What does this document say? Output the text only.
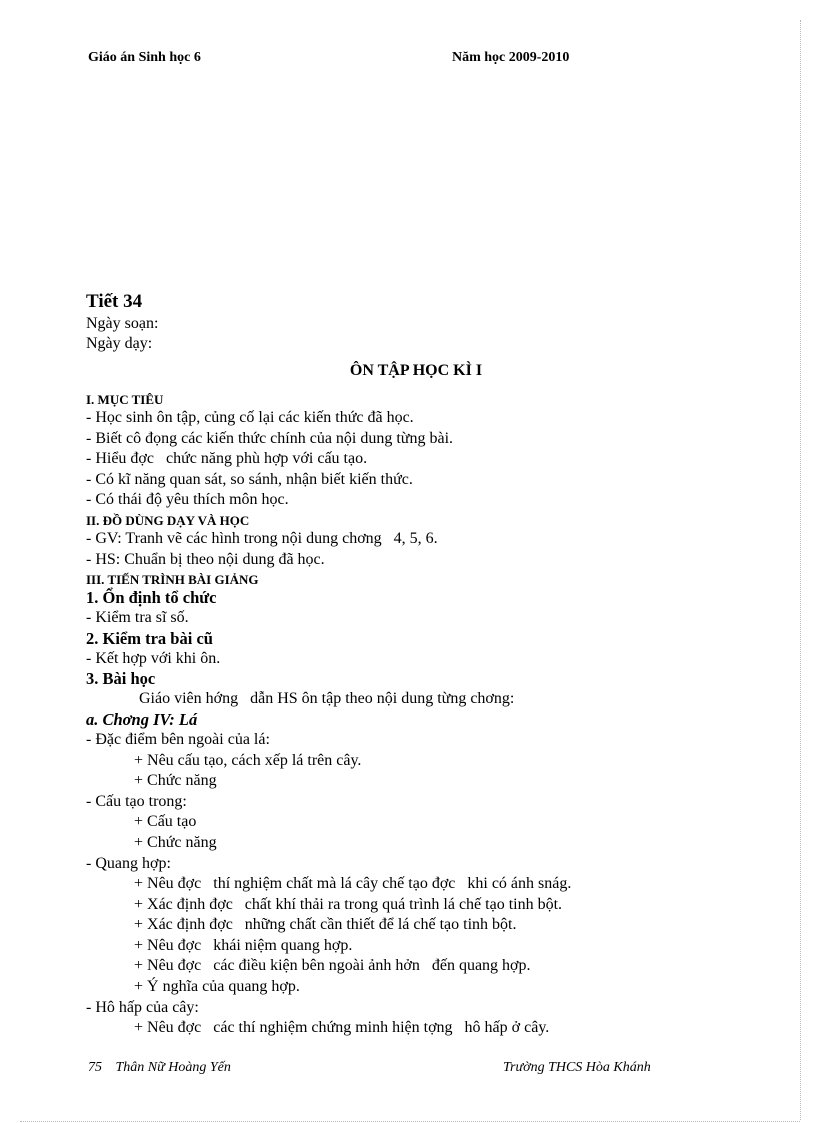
Giáo án Sinh học 6	Năm học 2009-2010
Tiết 34
Ngày soạn:
Ngày dạy:
ÔN TẬP HỌC KÌ I
I. MỤC TIÊU
- Học sinh ôn tập, củng cố lại các kiến thức đã học.
- Biết cô đọng các kiến thức chính của nội dung từng bài.
- Hiểu đợc   chức năng phù hợp với cấu tạo.
- Có kĩ năng quan sát, so sánh, nhận biết kiến thức.
- Có thái độ yêu thích môn học.
II. ĐỒ DÙNG DẠY VÀ HỌC
- GV: Tranh vẽ các hình trong nội dung chơng   4, 5, 6.
- HS: Chuẩn bị theo nội dung đã học.
III. TIẾN TRÌNH BÀI GIẢNG
1. Ổn định tổ chức
- Kiểm tra sĩ số.
2. Kiểm tra bài cũ
- Kết hợp với khi ôn.
3. Bài học
Giáo viên hớng   dẫn HS ôn tập theo nội dung từng chơng:
a. Chơng IV: Lá
- Đặc điểm bên ngoài của lá:
+ Nêu cấu tạo, cách xếp lá trên cây.
+ Chức năng
- Cấu tạo trong:
+ Cấu tạo
+ Chức năng
- Quang hợp:
+ Nêu đợc   thí nghiệm chất mà lá cây chế tạo đợc   khi có ánh snág.
+ Xác định đợc   chất khí thải ra trong quá trình lá chế tạo tinh bột.
+ Xác định đợc   những chất cần thiết để lá chế tạo tinh bột.
+ Nêu đợc   khái niệm quang hợp.
+ Nêu đợc   các điều kiện bên ngoài ảnh hởn   đến quang hợp.
+ Ý nghĩa của quang hợp.
- Hô hấp của cây:
+ Nêu đợc   các thí nghiệm chứng minh hiện tợng   hô hấp ở cây.
75 Thân Nữ Hoàng Yến	Trường THCS Hòa Khánh
